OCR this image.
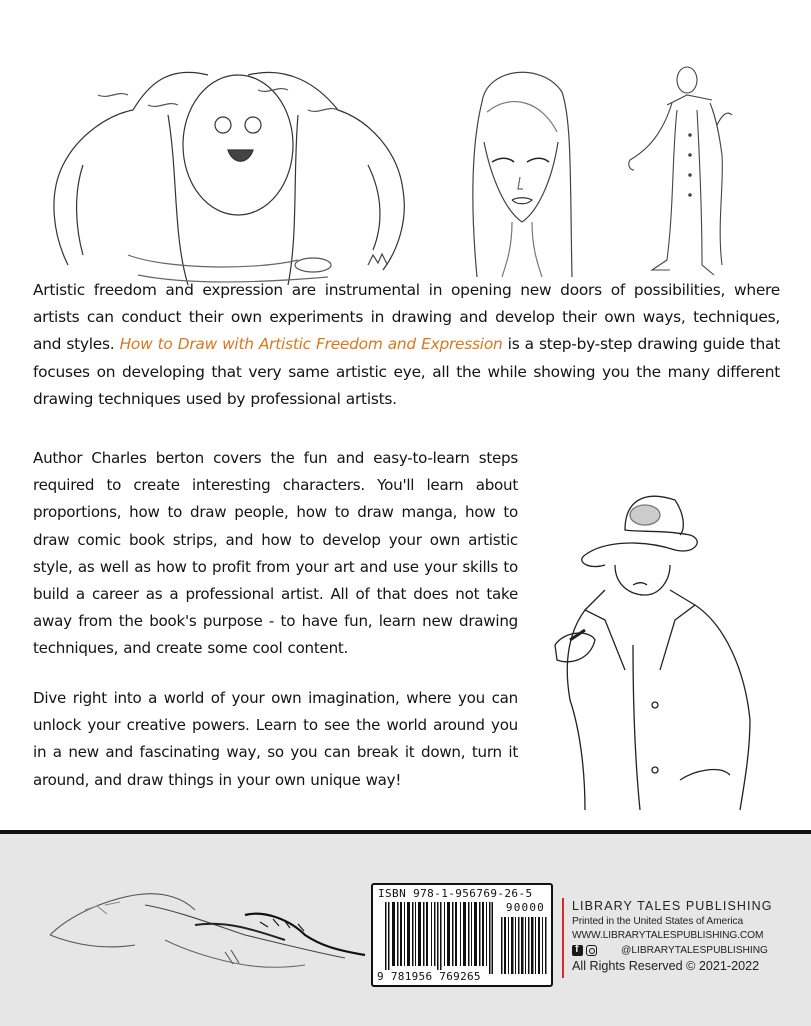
Artistic freedom and expression are instrumental in opening new doors of possibilities, where artists can conduct their own experiments in drawing and develop their own ways, techniques, and styles. How to Draw with Artistic Freedom and Expression is a step-by-step drawing guide that focuses on developing that very same artistic eye, all the while showing you the many different drawing techniques used by professional artists.
Author Charles berton covers the fun and easy-to-learn steps required to create interesting characters. You'll learn about proportions, how to draw people, how to draw manga, how to draw comic book strips, and how to develop your own artistic style, as well as how to profit from your art and use your skills to build a career as a professional artist. All of that does not take away from the book's purpose - to have fun, learn new drawing techniques, and create some cool content.
Dive right into a world of your own imagination, where you can unlock your creative powers. Learn to see the world around you in a new and fascinating way, so you can break it down, turn it around, and draw things in your own unique way!
ISBN 978-1-956769-26-5
90000
9 781956 769265
LIBRARY TALES PUBLISHING
Printed in the United States of America
WWW.LIBRARYTALESPUBLISHING.COM
f
@LIBRARYTALESPUBLISHING
All Rights Reserved © 2021-2022
